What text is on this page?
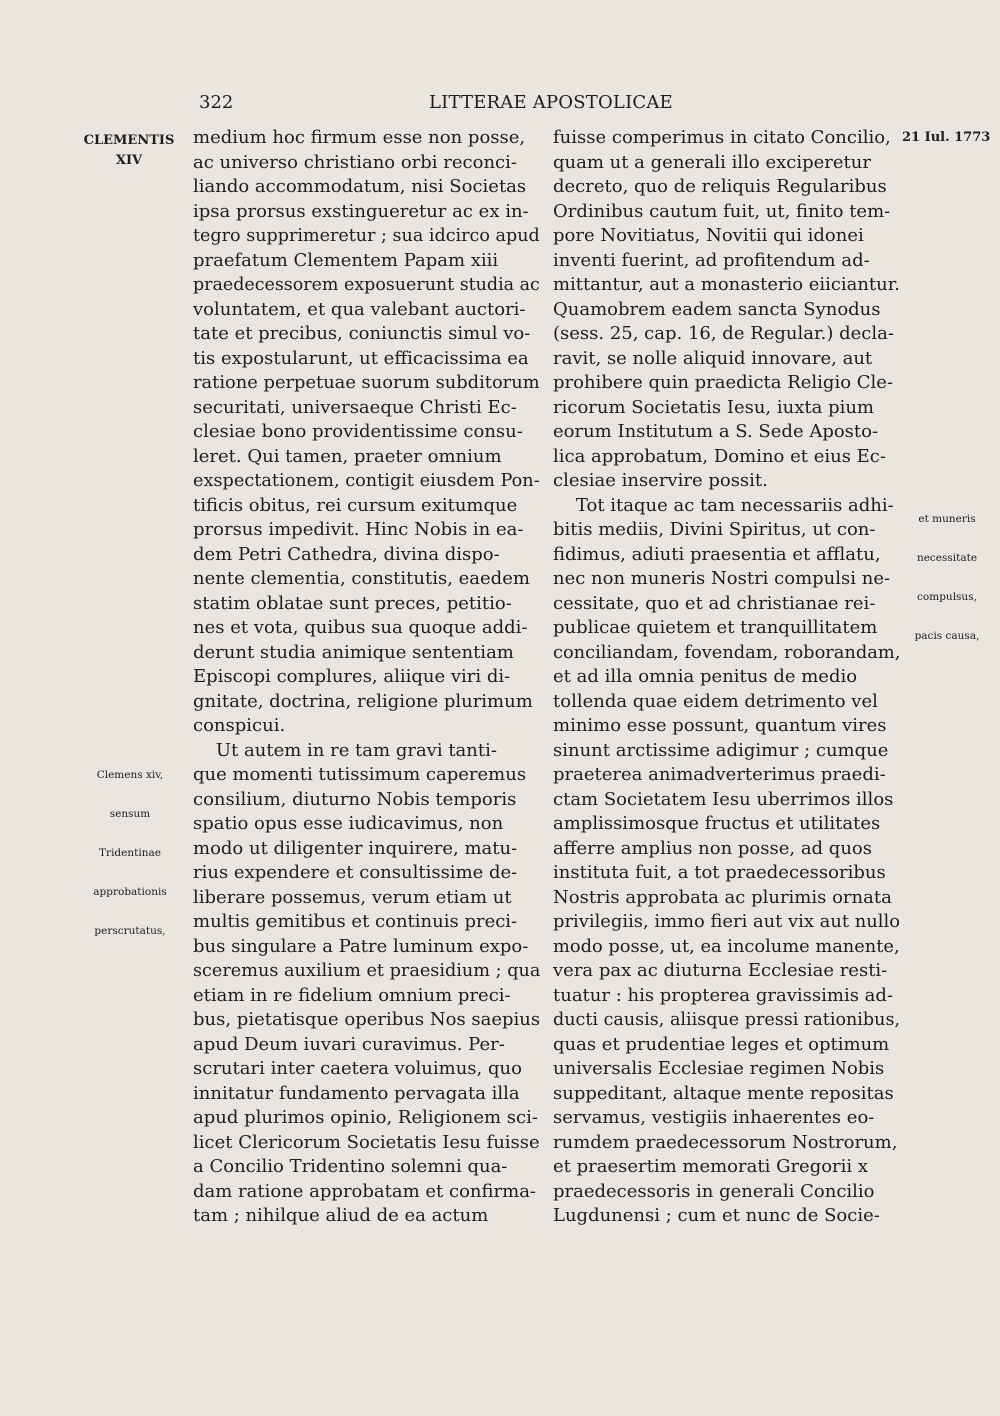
322	LITTERAE APOSTOLICAE
CLEMENTIS
XIV
21 Iul. 1773

Clemens xiv,

sensum

Tridentinae

approbationis

perscrutatus,

et muneris

necessitate

compulsus,

pacis causa,

medium hoc firmum esse non posse,
ac universo christiano orbi reconci-
liando accommodatum, nisi Societas
ipsa prorsus exstingueretur ac ex in-
tegro supprimeretur ; sua idcirco apud
praefatum Clementem Papam xiii
praedecessorem exposuerunt studia ac
voluntatem, et qua valebant auctori-
tate et precibus, coniunctis simul vo-
tis expostularunt, ut efficacissima ea
ratione perpetuae suorum subditorum
securitati, universaeque Christi Ec-
clesiae bono providentissime consu-
leret. Qui tamen, praeter omnium
exspectationem, contigit eiusdem Pon-
tificis obitus, rei cursum exitumque
prorsus impedivit. Hinc Nobis in ea-
dem Petri Cathedra, divina dispo-
nente clementia, constitutis, eaedem
statim oblatae sunt preces, petitio-
nes et vota, quibus sua quoque addi-
derunt studia animique sententiam
Episcopi complures, aliique viri di-
gnitate, doctrina, religione plurimum
conspicui.
Ut autem in re tam gravi tanti-
que momenti tutissimum caperemus
consilium, diuturno Nobis temporis
spatio opus esse iudicavimus, non
modo ut diligenter inquirere, matu-
rius expendere et consultissime de-
liberare possemus, verum etiam ut
multis gemitibus et continuis preci-
bus singulare a Patre luminum expo-
sceremus auxilium et praesidium ; qua
etiam in re fidelium omnium preci-
bus, pietatisque operibus Nos saepius
apud Deum iuvari curavimus. Per-
scrutari inter caetera voluimus, quo
innitatur fundamento pervagata illa
apud plurimos opinio, Religionem sci-
licet Clericorum Societatis Iesu fuisse
a Concilio Tridentino solemni qua-
dam ratione approbatam et confirma-
tam ; nihilque aliud de ea actum
fuisse comperimus in citato Concilio,
quam ut a generali illo exciperetur
decreto, quo de reliquis Regularibus
Ordinibus cautum fuit, ut, finito tem-
pore Novitiatus, Novitii qui idonei
inventi fuerint, ad profitendum ad-
mittantur, aut a monasterio eiiciantur.
Quamobrem eadem sancta Synodus
(sess. 25, cap. 16, de Regular.) decla-
ravit, se nolle aliquid innovare, aut
prohibere quin praedicta Religio Cle-
ricorum Societatis Iesu, iuxta pium
eorum Institutum a S. Sede Aposto-
lica approbatum, Domino et eius Ec-
clesiae inservire possit.
Tot itaque ac tam necessariis adhi-
bitis mediis, Divini Spiritus, ut con-
fidimus, adiuti praesentia et afflatu,
nec non muneris Nostri compulsi ne-
cessitate, quo et ad christianae rei-
publicae quietem et tranquillitatem
conciliandam, fovendam, roborandam,
et ad illa omnia penitus de medio
tollenda quae eidem detrimento vel
minimo esse possunt, quantum vires
sinunt arctissime adigimur ; cumque
praeterea animadverterimus praedi-
ctam Societatem Iesu uberrimos illos
amplissimosque fructus et utilitates
afferre amplius non posse, ad quos
instituta fuit, a tot praedecessoribus
Nostris approbata ac plurimis ornata
privilegiis, immo fieri aut vix aut nullo
modo posse, ut, ea incolume manente,
vera pax ac diuturna Ecclesiae resti-
tuatur : his propterea gravissimis ad-
ducti causis, aliisque pressi rationibus,
quas et prudentiae leges et optimum
universalis Ecclesiae regimen Nobis
suppeditant, altaque mente repositas
servamus, vestigiis inhaerentes eo-
rumdem praedecessorum Nostrorum,
et praesertim memorati Gregorii x
praedecessoris in generali Concilio
Lugdunensi ; cum et nunc de Socie-
